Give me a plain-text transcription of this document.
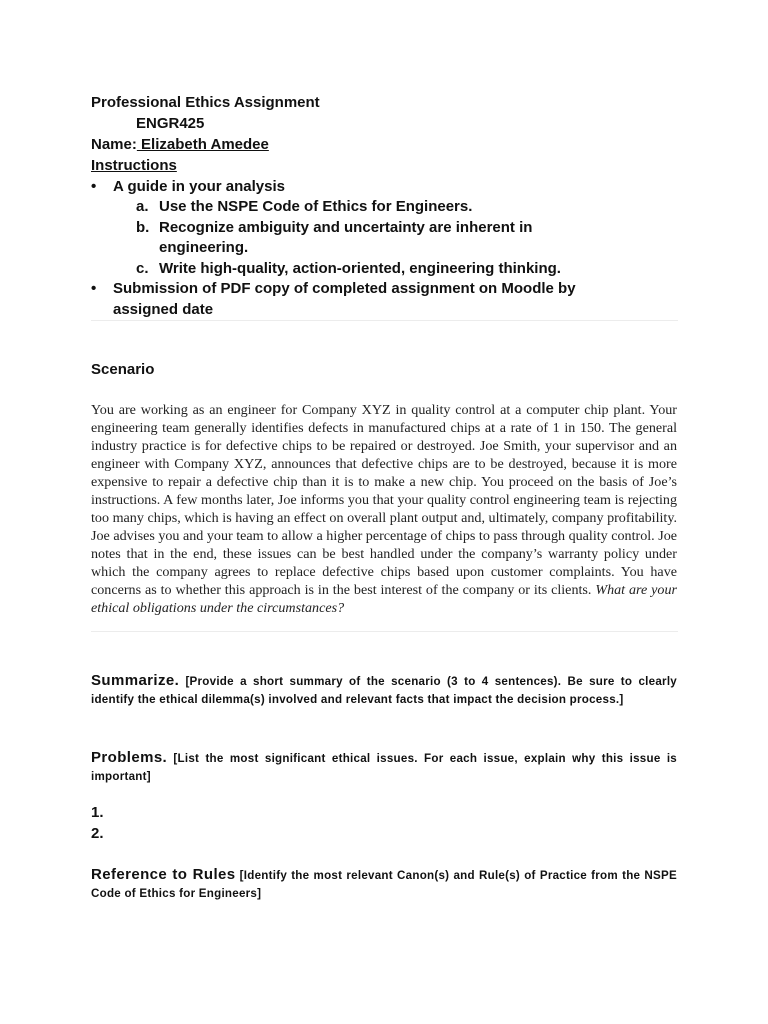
Professional Ethics Assignment
ENGR425
Name: Elizabeth Amedee
Instructions
• A guide in your analysis
a. Use the NSPE Code of Ethics for Engineers.
b. Recognize ambiguity and uncertainty are inherent in
engineering.
c. Write high-quality, action-oriented, engineering thinking.
• Submission of PDF copy of completed assignment on Moodle by
assigned date
Scenario
You are working as an engineer for Company XYZ in quality control at a computer chip plant. Your engineering team generally identifies defects in manufactured chips at a rate of 1 in 150. The general industry practice is for defective chips to be repaired or destroyed. Joe Smith, your supervisor and an engineer with Company XYZ, announces that defective chips are to be destroyed, because it is more expensive to repair a defective chip than it is to make a new chip. You proceed on the basis of Joe’s instructions. A few months later, Joe informs you that your quality control engineering team is rejecting too many chips, which is having an effect on overall plant output and, ultimately, company profitability. Joe advises you and your team to allow a higher percentage of chips to pass through quality control. Joe notes that in the end, these issues can be best handled under the company’s warranty policy under which the company agrees to replace defective chips based upon customer complaints. You have concerns as to whether this approach is in the best interest of the company or its clients. What are your ethical obligations under the circumstances?
Summarize. [Provide a short summary of the scenario (3 to 4 sentences). Be sure to clearly identify the ethical dilemma(s) involved and relevant facts that impact the decision process.]
Problems. [List the most significant ethical issues. For each issue, explain why this issue is important]
1.
2.
Reference to Rules [Identify the most relevant Canon(s) and Rule(s) of Practice from the NSPE Code of Ethics for Engineers]
